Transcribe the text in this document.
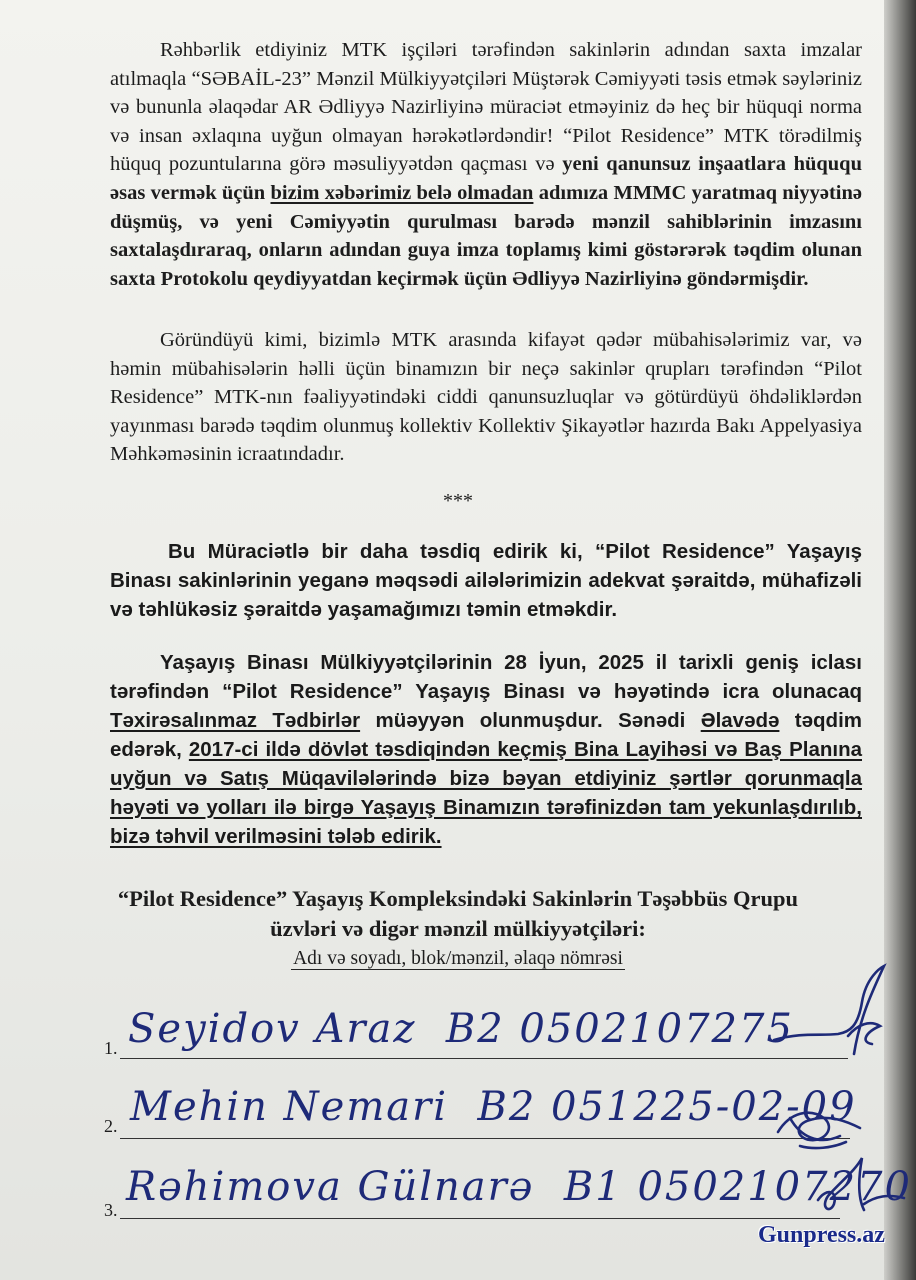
Rəhbərlik etdiyiniz MTK işçiləri tərəfindən sakinlərin adından saxta imzalar atılmaqla “SƏBAİL-23” Mənzil Mülkiyyətçiləri Müştərək Cəmiyyəti təsis etmək səyləriniz və bununla əlaqədar AR Ədliyyə Nazirliyinə müraciət etməyiniz də heç bir hüquqi norma və insan əxlaqına uyğun olmayan hərəkətlərdəndir! “Pilot Residence” MTK törədilmiş hüquq pozuntularına görə məsuliyyətdən qaçması və yeni qanunsuz inşaatlara hüququ əsas vermək üçün bizim xəbərimiz belə olmadan adımıza MMMC yaratmaq niyyətinə düşmüş, və yeni Cəmiyyətin qurulması barədə mənzil sahiblərinin imzasını saxtalaşdıraraq, onların adından guya imza toplamış kimi göstərərək təqdim olunan saxta Protokolu qeydiyyatdan keçirmək üçün Ədliyyə Nazirliyinə göndərmişdir.
Göründüyü kimi, bizimlə MTK arasında kifayət qədər mübahisələrimiz var, və həmin mübahisələrin həlli üçün binamızın bir neçə sakinlər qrupları tərəfindən “Pilot Residence” MTK-nın fəaliyyətindəki ciddi qanunsuzluqlar və götürdüyü öhdəliklərdən yayınması barədə təqdim olunmuş kollektiv Kollektiv Şikayətlər hazırda Bakı Appelyasiya Məhkəməsinin icraatındadır.
***
Bu Müraciətlə bir daha təsdiq edirik ki, “Pilot Residence” Yaşayış Binası sakinlərinin yeganə məqsədi ailələrimizin adekvat şəraitdə, mühafizəli və təhlükəsiz şəraitdə yaşamağımızı təmin etməkdir.
Yaşayış Binası Mülkiyyətçilərinin 28 İyun, 2025 il tarixli geniş iclası tərəfindən “Pilot Residence” Yaşayış Binası və həyətində icra olunacaq Təxirəsalınmaz Tədbirlər müəyyən olunmuşdur. Sənədi Əlavədə təqdim edərək, 2017-ci ildə dövlət təsdiqindən keçmiş Bina Layihəsi və Baş Planına uyğun və Satış Müqavilələrində bizə bəyan etdiyiniz şərtlər qorunmaqla həyəti və yolları ilə birgə Yaşayış Binamızın tərəfinizdən tam yekunlaşdırılıb, bizə təhvil verilməsini tələb edirik.
“Pilot Residence” Yaşayış Kompleksindəki Sakinlərin Təşəbbüs Qrupu
üzvləri və digər mənzil mülkiyyətçiləri:
Adı və soyadı, blok/mənzil, əlaqə nömrəsi
1. Seyidov Araz B2 0502107275
2. Mehin Nemari B2 051225-02-09
3. Rəhimova Gülnarə B1 0502107270
Gunpress.az
